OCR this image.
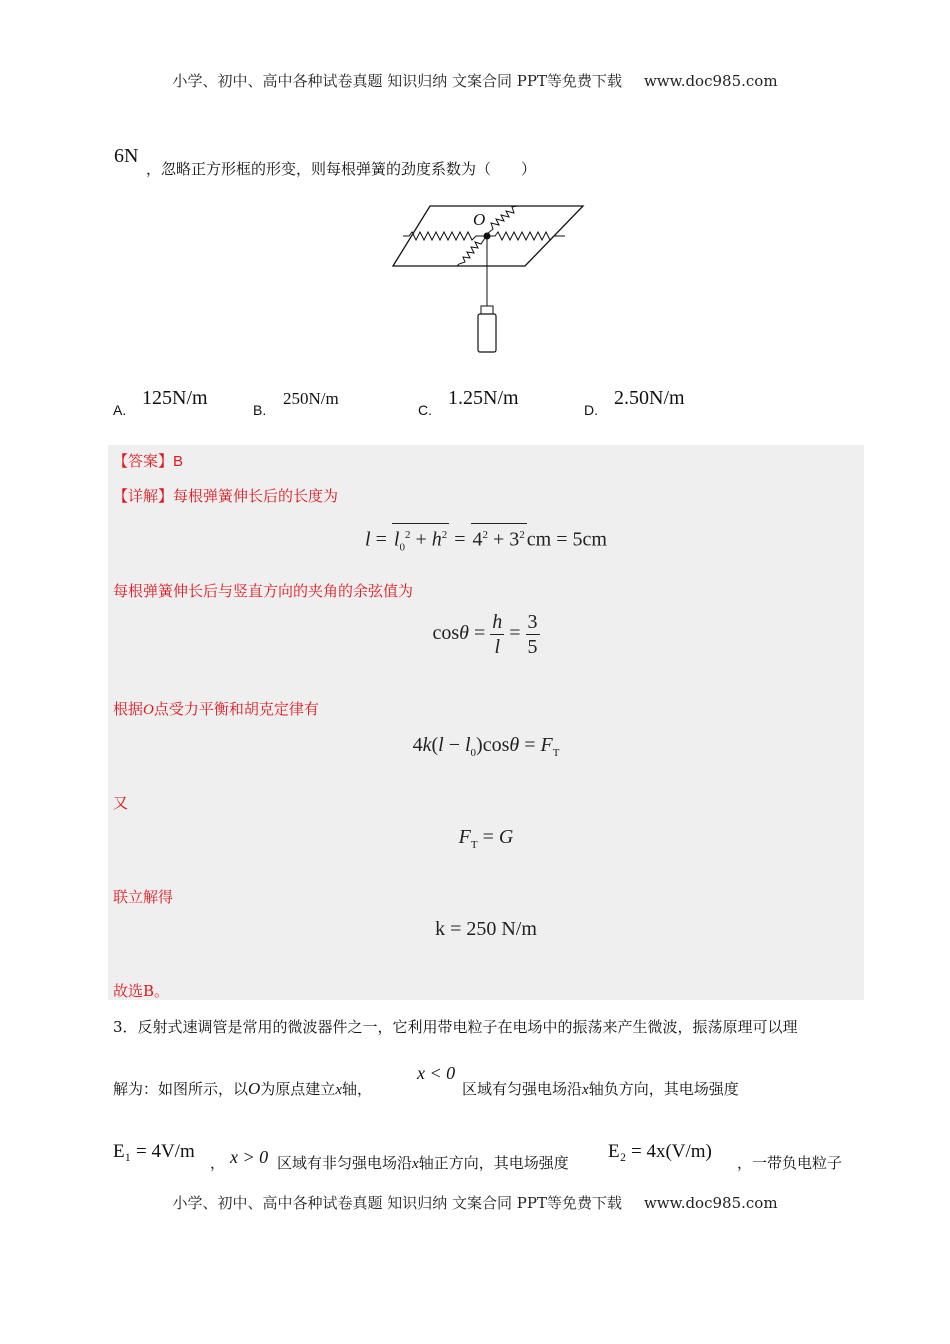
小学、初中、高中各种试卷真题 知识归纳 文案合同 PPT等免费下载 www.doc985.com
6N
，忽略正方形框的形变，则每根弹簧的劲度系数为（　　）
O
A.
125N/m
B.
250N/m
C.
1.25N/m
D.
2.50N/m
【答案】B
【详解】每根弹簧伸长后的长度为
$l = l_0^2 + h^2 = 4^2 + 3^2$ cm = 5cm
每根弹簧伸长后与竖直方向的夹角的余弦值为
$\cos\theta = \frac{h}{l} = \frac{3}{5}$
根据O点受力平衡和胡克定律有
$4k(l - l_0)\cos\theta = F_T$
又
$F_T = G$
联立解得
k = 250 N/m
故选B。
3．反射式速调管是常用的微波器件之一，它利用带电粒子在电场中的振荡来产生微波，振荡原理可以理
解为：如图所示，以O为原点建立x轴，
x < 0
区域有匀强电场沿x轴负方向，其电场强度
E₁ = 4V/m
， x > 0 区域有非匀强电场沿x轴正方向，其电场强度
E₂ = 4x(V/m)
，一带负电粒子
小学、初中、高中各种试卷真题 知识归纳 文案合同 PPT等免费下载 www.doc985.com
